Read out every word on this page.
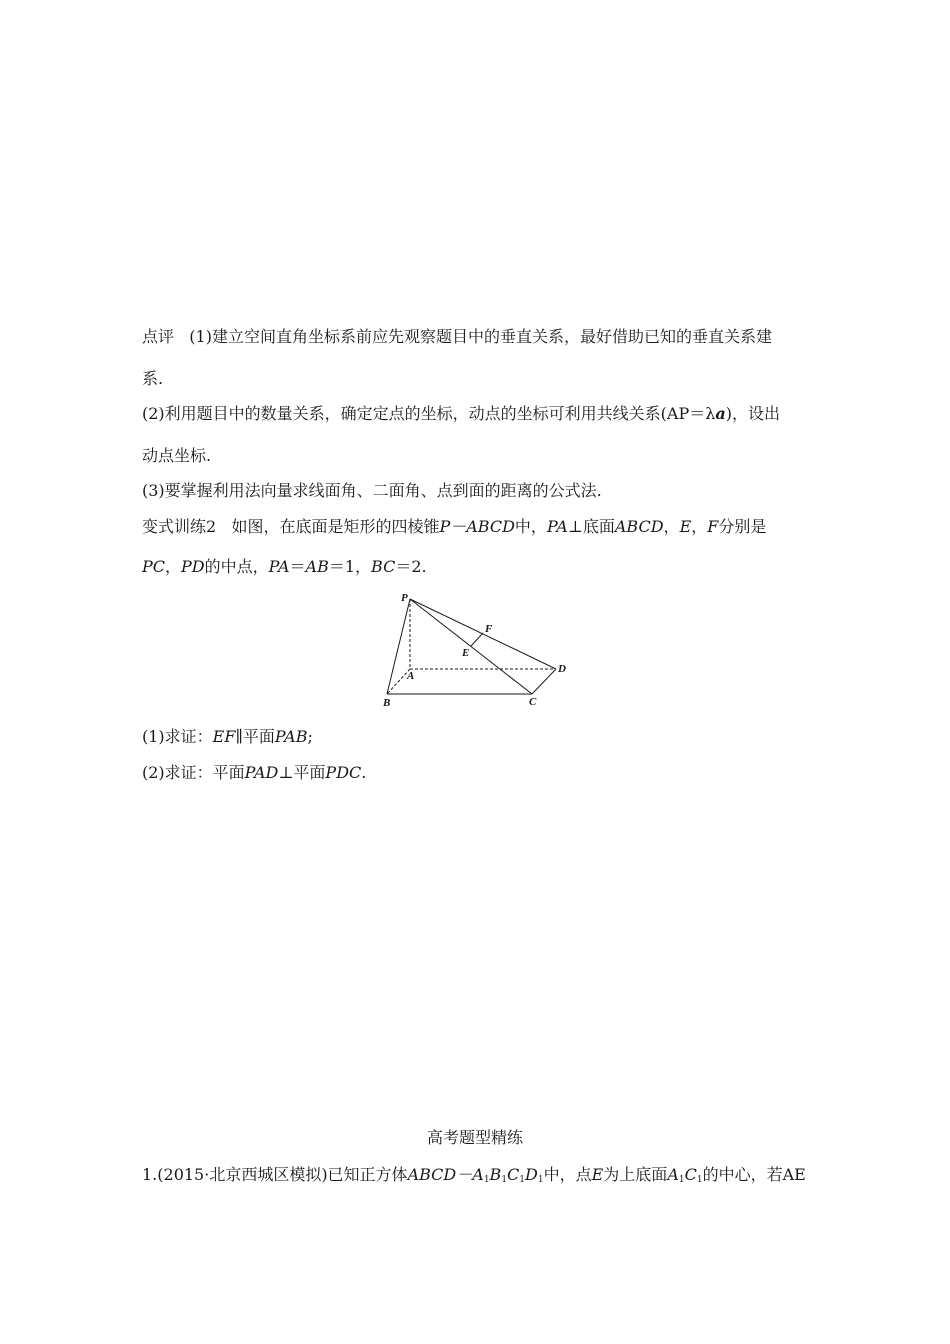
点评 (1)建立空间直角坐标系前应先观察题目中的垂直关系，最好借助已知的垂直关系建
系.
(2)利用题目中的数量关系，确定定点的坐标，动点的坐标可利用共线关系(AP＝λa)，设出
动点坐标.
(3)要掌握利用法向量求线面角、二面角、点到面的距离的公式法.
变式训练2 如图，在底面是矩形的四棱锥P－ABCD中，PA⊥底面ABCD，E，F分别是
PC，PD的中点，PA＝AB＝1，BC＝2.
P
F
E
D
A
B	C
(1)求证：EF∥平面PAB;
(2)求证：平面PAD⊥平面PDC.
高考题型精练
1.(2015·北京西城区模拟)已知正方体$ABCD-A_1B_1C_1D_1$中，点E为上底面$A_1C_1$的中心，若AE
